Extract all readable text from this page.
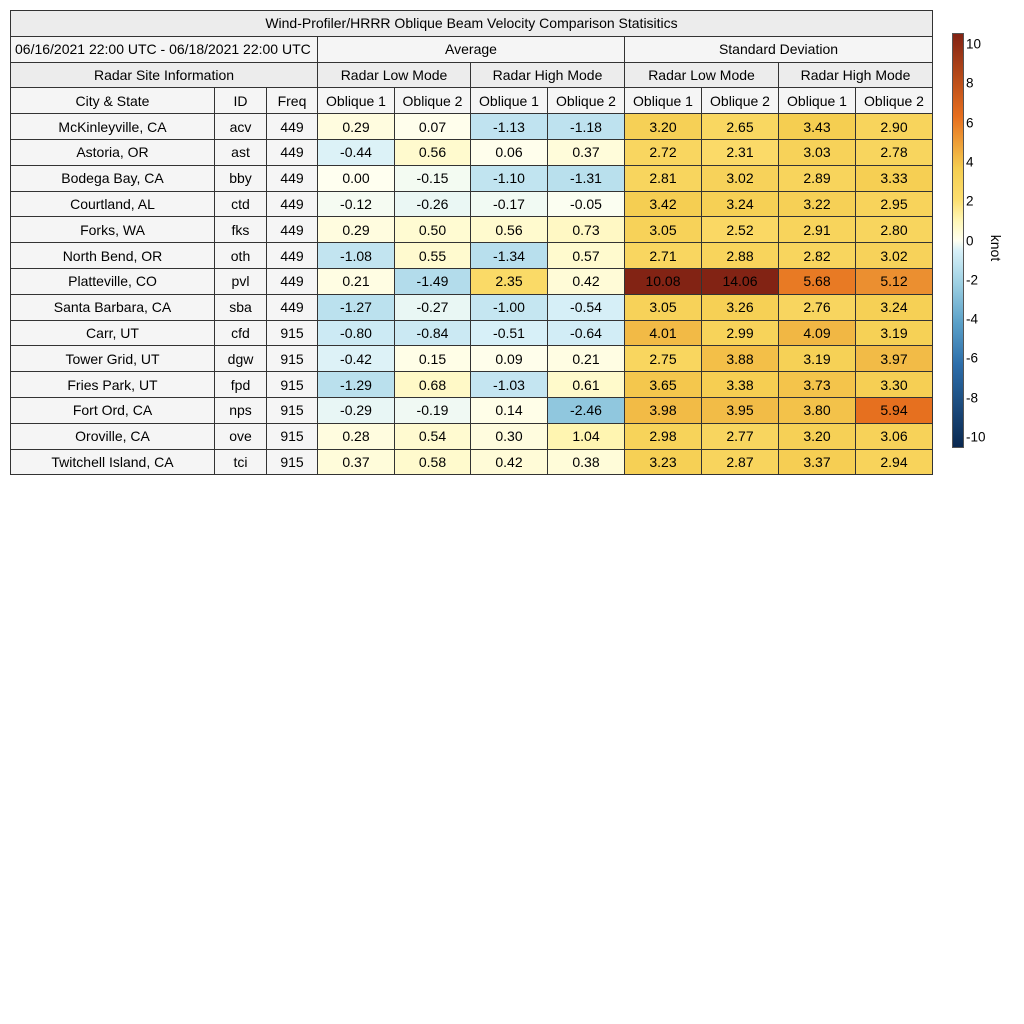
Wind-Profiler/HRRR Oblique Beam Velocity Comparison Statisitics										
06/16/2021 22:00 UTC - 06/18/2021 22:00 UTC			Average				Standard Deviation			
Radar Site Information			Radar Low Mode		Radar High Mode		Radar Low Mode		Radar High Mode	
City & State	ID	Freq	Oblique 1	Oblique 2	Oblique 1	Oblique 2	Oblique 1	Oblique 2	Oblique 1	Oblique 2
McKinleyville, CA	acv	449	0.29	0.07	-1.13	-1.18	3.20	2.65	3.43	2.90
Astoria, OR	ast	449	-0.44	0.56	0.06	0.37	2.72	2.31	3.03	2.78
Bodega Bay, CA	bby	449	0.00	-0.15	-1.10	-1.31	2.81	3.02	2.89	3.33
Courtland, AL	ctd	449	-0.12	-0.26	-0.17	-0.05	3.42	3.24	3.22	2.95
Forks, WA	fks	449	0.29	0.50	0.56	0.73	3.05	2.52	2.91	2.80
North Bend, OR	oth	449	-1.08	0.55	-1.34	0.57	2.71	2.88	2.82	3.02
Platteville, CO	pvl	449	0.21	-1.49	2.35	0.42	10.08	14.06	5.68	5.12
Santa Barbara, CA	sba	449	-1.27	-0.27	-1.00	-0.54	3.05	3.26	2.76	3.24
Carr, UT	cfd	915	-0.80	-0.84	-0.51	-0.64	4.01	2.99	4.09	3.19
Tower Grid, UT	dgw	915	-0.42	0.15	0.09	0.21	2.75	3.88	3.19	3.97
Fries Park, UT	fpd	915	-1.29	0.68	-1.03	0.61	3.65	3.38	3.73	3.30
Fort Ord, CA	nps	915	-0.29	-0.19	0.14	-2.46	3.98	3.95	3.80	5.94
Oroville, CA	ove	915	0.28	0.54	0.30	1.04	2.98	2.77	3.20	3.06
Twitchell Island, CA	tci	915	0.37	0.58	0.42	0.38	3.23	2.87	3.37	2.94
10
8
6
4
2
0
-2
-4
-6
-8
-10
knot
